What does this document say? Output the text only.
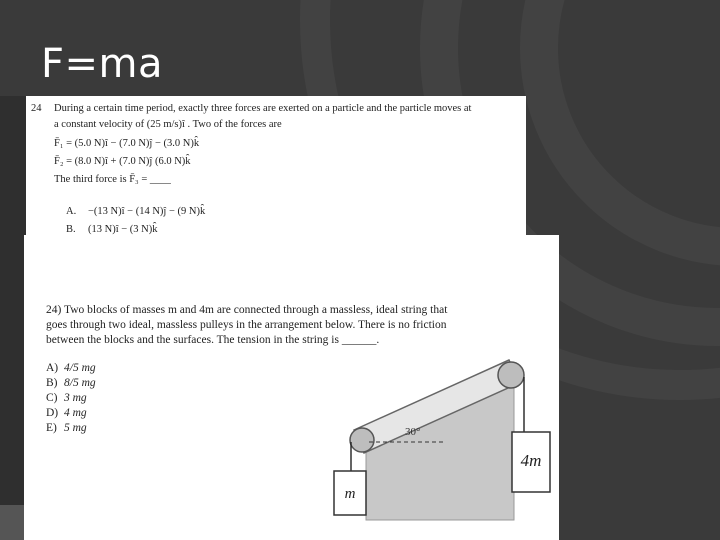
F=ma
24 During a certain time period, exactly three forces are exerted on a particle and the particle moves at
a constant velocity of (25 m/s)î . Two of the forces are
F̄₁ = (5.0 N)î − (7.0 N)ĵ − (3.0 N)k̂
F̄₂ = (8.0 N)î + (7.0 N)ĵ (6.0 N)k̂
The third force is F̄₃ = ____
A. −(13 N)î − (14 N)ĵ − (9 N)k̂
B. (13 N)î − (3 N)k̂
24) Two blocks of masses m and 4m are connected through a massless, ideal string that
goes through two ideal, massless pulleys in the arrangement below. There is no friction
between the blocks and the surfaces. The tension in the string is ______.
A) 4/5 mg
B) 8/5 mg
C) 3 mg
D) 4 mg
E) 5 mg	30°
m
4m
